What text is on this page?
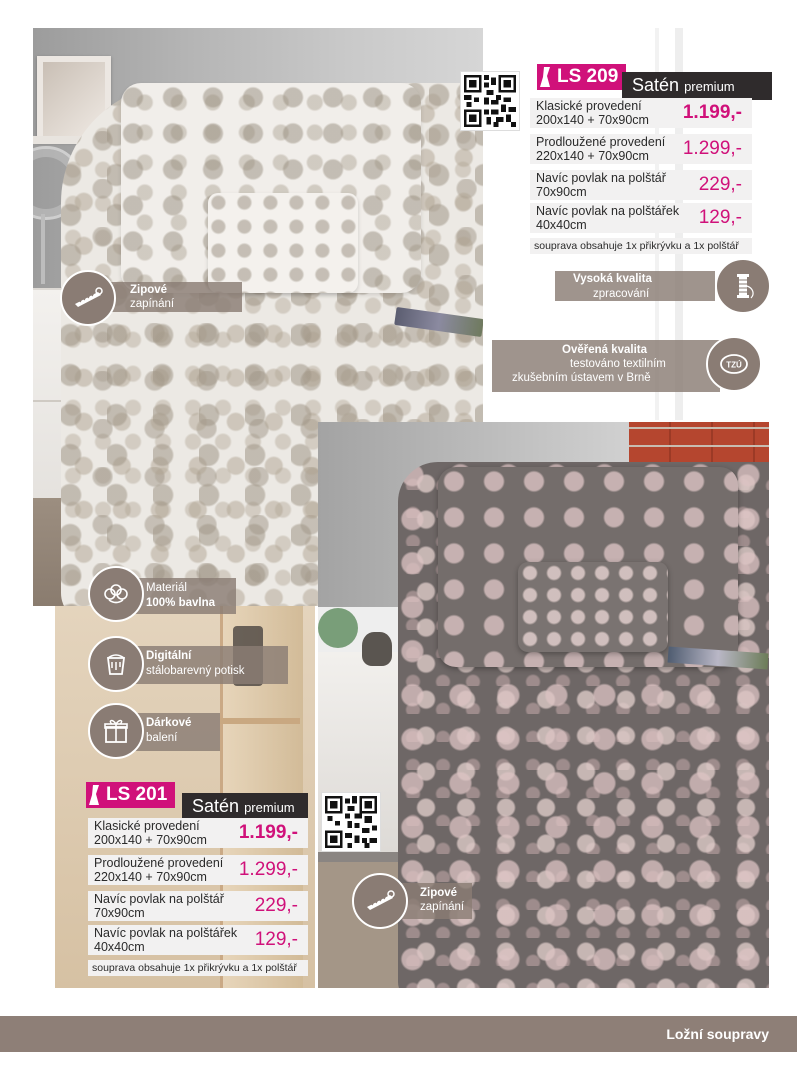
LS 209 Satén premium
Klasické provedení
200x140 + 70x90cm	1.199,-
Prodloužené provedení
220x140 + 70x90cm	1.299,-
Navíc povlak na polštář
70x90cm	229,-
Navíc povlak na polštářek
40x40cm	129,-
souprava obsahuje 1x přikrývku a 1x polštář
LS 201
Satén premium
Klasické provedení
200x140 + 70x90cm	1.199,-
Prodloužené provedení
220x140 + 70x90cm	1.299,-
Navíc povlak na polštář
70x90cm	229,-
Navíc povlak na polštářek
40x40cm	129,-
souprava obsahuje 1x přikrývku a 1x polštář
Zipové
zapínání
Vysoká kvalita
zpracování
TZÚ
Ověřená kvalita
testováno textilním
zkušebním ústavem v Brně
Materiál
100% bavlna
Digitální
stálobarevný potisk
Dárkové
balení
Zipové
zapínání
Ložní soupravy
